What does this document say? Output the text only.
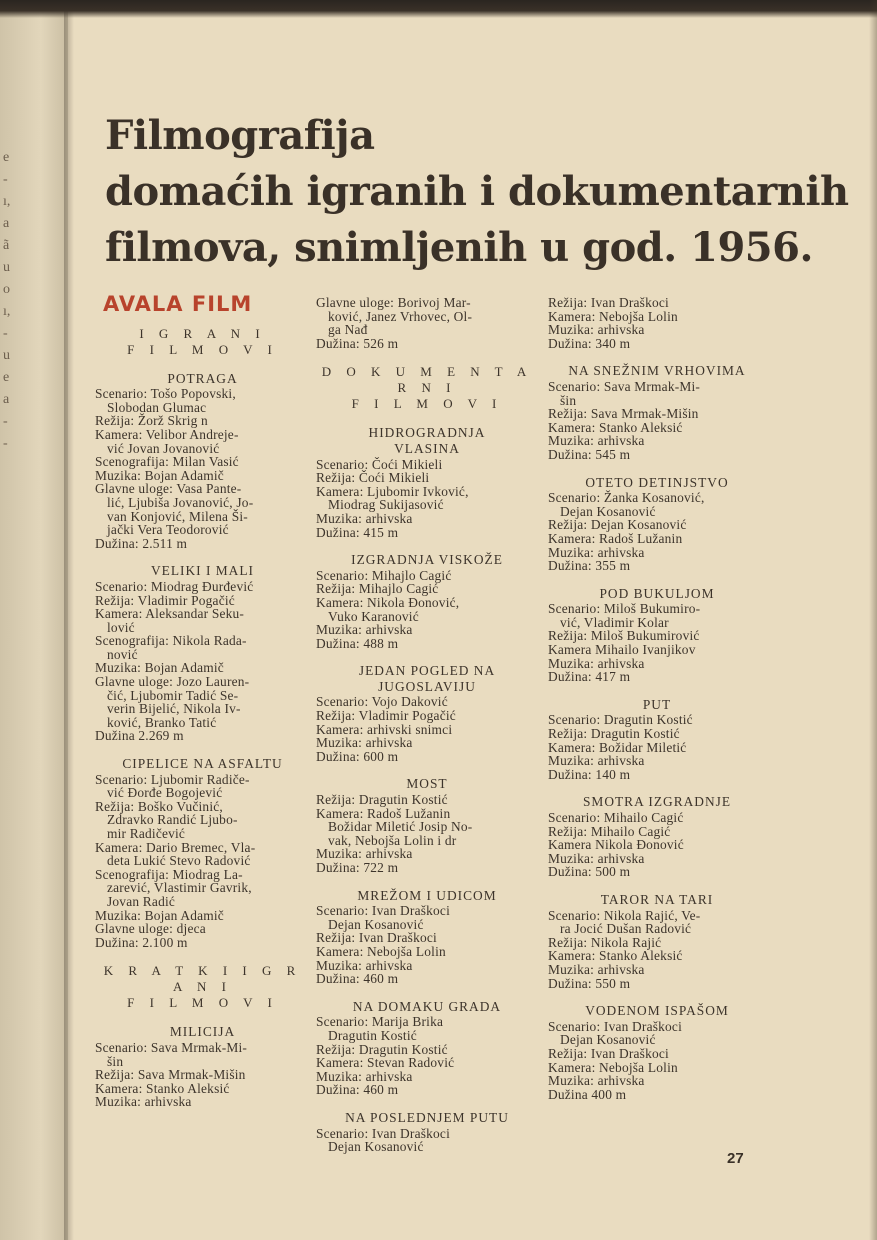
e
-
ı,
a
ã
u
o
ı,
-
u
e
a
-
-
Filmografija
domaćih igranih i dokumentarnih
filmova, snimljenih u god. 1956.
AVALA FILM
I G R A N I
F I L M O V I
POTRAGA
Scenario: Tošo Popovski,
Slobodan Glumac
Režija: Žorž Skrig n
Kamera: Velibor Andreje-
vić Jovan Jovanović
Scenografija: Milan Vasić
Muzika: Bojan Adamič
Glavne uloge: Vasa Pante-
lić, Ljubiša Jovanović, Jo-
van Konjović, Milena Ši-
jački Vera Teodorović
Dužina: 2.511 m
VELIKI I MALI
Scenario: Miodrag Đurđević
Režija: Vladimir Pogačić
Kamera: Aleksandar Seku-
lović
Scenografija: Nikola Rada-
nović
Muzika: Bojan Adamič
Glavne uloge: Jozo Lauren-
čić, Ljubomir Tadić Se-
verin Bijelić, Nikola Iv-
ković, Branko Tatić
Dužina 2.269 m
CIPELICE NA ASFALTU
Scenario: Ljubomir Radiče-
vić Đorđe Bogojević
Režija: Boško Vučinić,
Zdravko Randić Ljubo-
mir Radičević
Kamera: Dario Bremec, Vla-
deta Lukić Stevo Radović
Scenografija: Miodrag La-
zarević, Vlastimir Gavrik,
Jovan Radić
Muzika: Bojan Adamič
Glavne uloge: djeca
Dužina: 2.100 m
K R A T K I I G R A N I
F I L M O V I
MILICIJA
Scenario: Sava Mrmak-Mi-
šin
Režija: Sava Mrmak-Mišin
Kamera: Stanko Aleksić
Muzika: arhivska
Glavne uloge: Borivoj Mar-
ković, Janez Vrhovec, Ol-
ga Nađ
Dužina: 526 m
D O K U M E N T A R N I
F I L M O V I
HIDROGRADNJA
VLASINA
Scenario: Čoći Mikieli
Režija: Čoći Mikieli
Kamera: Ljubomir Ivković,
Miodrag Sukijasović
Muzika: arhivska
Dužina: 415 m
IZGRADNJA VISKOŽE
Scenario: Mihajlo Cagić
Režija: Mihajlo Cagić
Kamera: Nikola Đonović,
Vuko Karanović
Muzika: arhivska
Dužina: 488 m
JEDAN POGLED NA
JUGOSLAVIJU
Scenario: Vojo Daković
Režija: Vladimir Pogačić
Kamera: arhivski snimci
Muzika: arhivska
Dužina: 600 m
MOST
Režija: Dragutin Kostić
Kamera: Radoš Lužanin
Božidar Miletić Josip No-
vak, Nebojša Lolin i dr
Muzika: arhivska
Dužina: 722 m
MREŽOM I UDICOM
Scenario: Ivan Draškoci
Dejan Kosanović
Režija: Ivan Draškoci
Kamera: Nebojša Lolin
Muzika: arhivska
Dužina: 460 m
NA DOMAKU GRADA
Scenario: Marija Brika
Dragutin Kostić
Režija: Dragutin Kostić
Kamera: Stevan Radović
Muzika: arhivska
Dužina: 460 m
NA POSLEDNJEM PUTU
Scenario: Ivan Draškoci
Dejan Kosanović
Režija: Ivan Draškoci
Kamera: Nebojša Lolin
Muzika: arhivska
Dužina: 340 m
NA SNEŽNIM VRHOVIMA
Scenario: Sava Mrmak-Mi-
šin
Režija: Sava Mrmak-Mišin
Kamera: Stanko Aleksić
Muzika: arhivska
Dužina: 545 m
OTETO DETINJSTVO
Scenario: Žanka Kosanović,
Dejan Kosanović
Režija: Dejan Kosanović
Kamera: Radoš Lužanin
Muzika: arhivska
Dužina: 355 m
POD BUKULJOM
Scenario: Miloš Bukumiro-
vić, Vladimir Kolar
Režija: Miloš Bukumirović
Kamera Mihailo Ivanjikov
Muzika: arhivska
Dužina: 417 m
PUT
Scenario: Dragutin Kostić
Režija: Dragutin Kostić
Kamera: Božidar Miletić
Muzika: arhivska
Dužina: 140 m
SMOTRA IZGRADNJE
Scenario: Mihailo Cagić
Režija: Mihailo Cagić
Kamera Nikola Đonović
Muzika: arhivska
Dužina: 500 m
TAROR NA TARI
Scenario: Nikola Rajić, Ve-
ra Jocić Dušan Radović
Režija: Nikola Rajić
Kamera: Stanko Aleksić
Muzika: arhivska
Dužina: 550 m
VODENOM ISPAŠOM
Scenario: Ivan Draškoci
Dejan Kosanović
Režija: Ivan Draškoci
Kamera: Nebojša Lolin
Muzika: arhivska
Dužina 400 m
27
